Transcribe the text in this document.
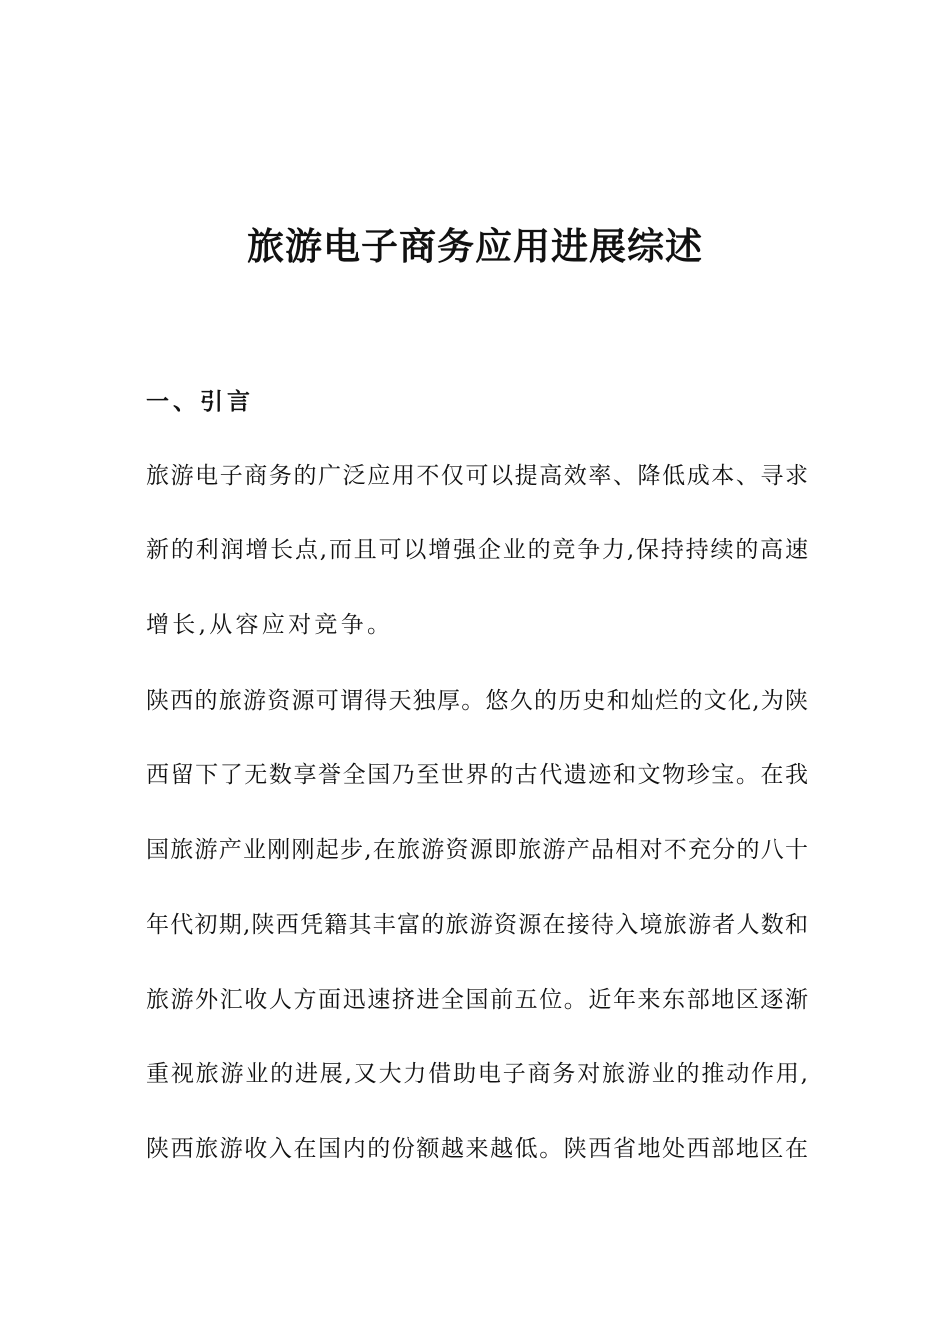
旅游电子商务应用进展综述
一、引言

旅游电子商务的广泛应用不仅可以提高效率、降低成本、寻求

新的利润增长点,而且可以增强企业的竞争力,保持持续的高速

增长,从容应对竞争。

陕西的旅游资源可谓得天独厚。悠久的历史和灿烂的文化,为陕

西留下了无数享誉全国乃至世界的古代遗迹和文物珍宝。在我

国旅游产业刚刚起步,在旅游资源即旅游产品相对不充分的八十

年代初期,陕西凭籍其丰富的旅游资源在接待入境旅游者人数和

旅游外汇收人方面迅速挤进全国前五位。近年来东部地区逐渐

重视旅游业的进展,又大力借助电子商务对旅游业的推动作用,

陕西旅游收入在国内的份额越来越低。陕西省地处西部地区在
